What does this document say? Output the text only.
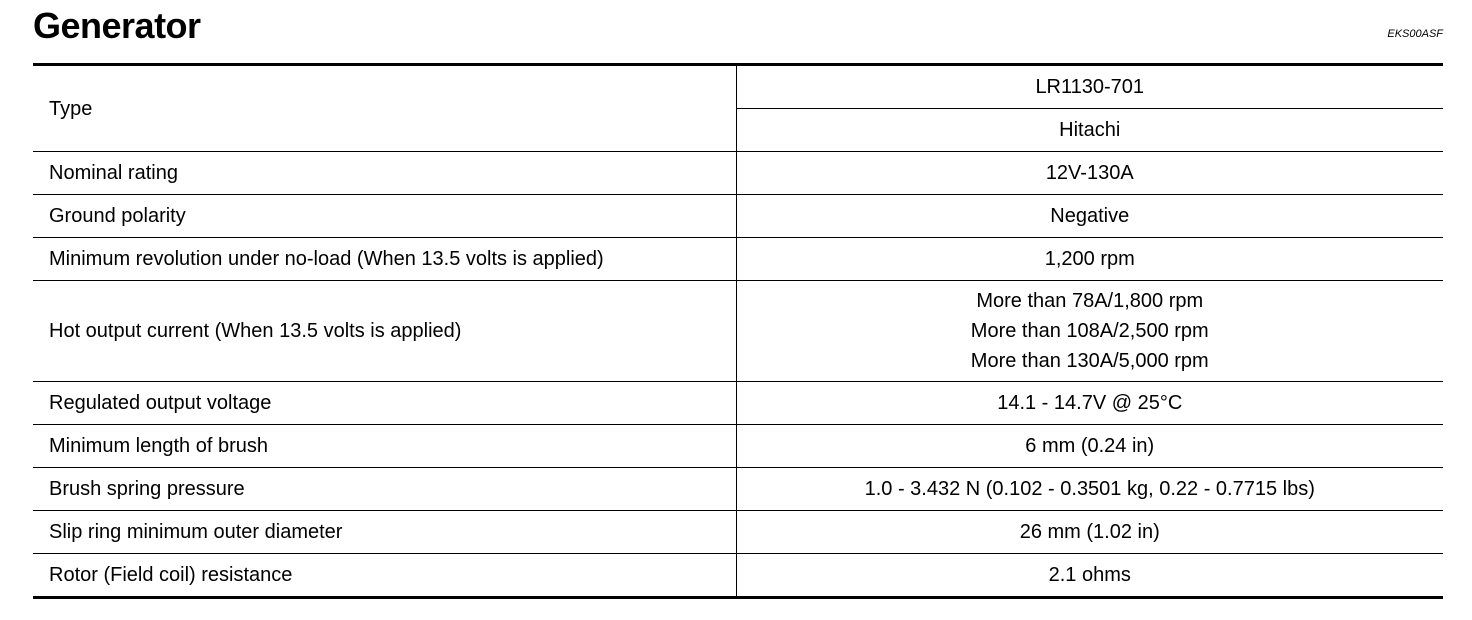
Generator	EKS00ASF
Type	LR1130-701
	Hitachi
Nominal rating	12V-130A
Ground polarity	Negative
Minimum revolution under no-load (When 13.5 volts is applied)	1,200 rpm
Hot output current (When 13.5 volts is applied)	More than 78A/1,800 rpm
More than 108A/2,500 rpm
More than 130A/5,000 rpm

Regulated output voltage	14.1 - 14.7V @ 25°C
Minimum length of brush	6 mm (0.24 in)
Brush spring pressure	1.0 - 3.432 N (0.102 - 0.3501 kg, 0.22 - 0.7715 lbs)
Slip ring minimum outer diameter	26 mm (1.02 in)
Rotor (Field coil) resistance	2.1 ohms
